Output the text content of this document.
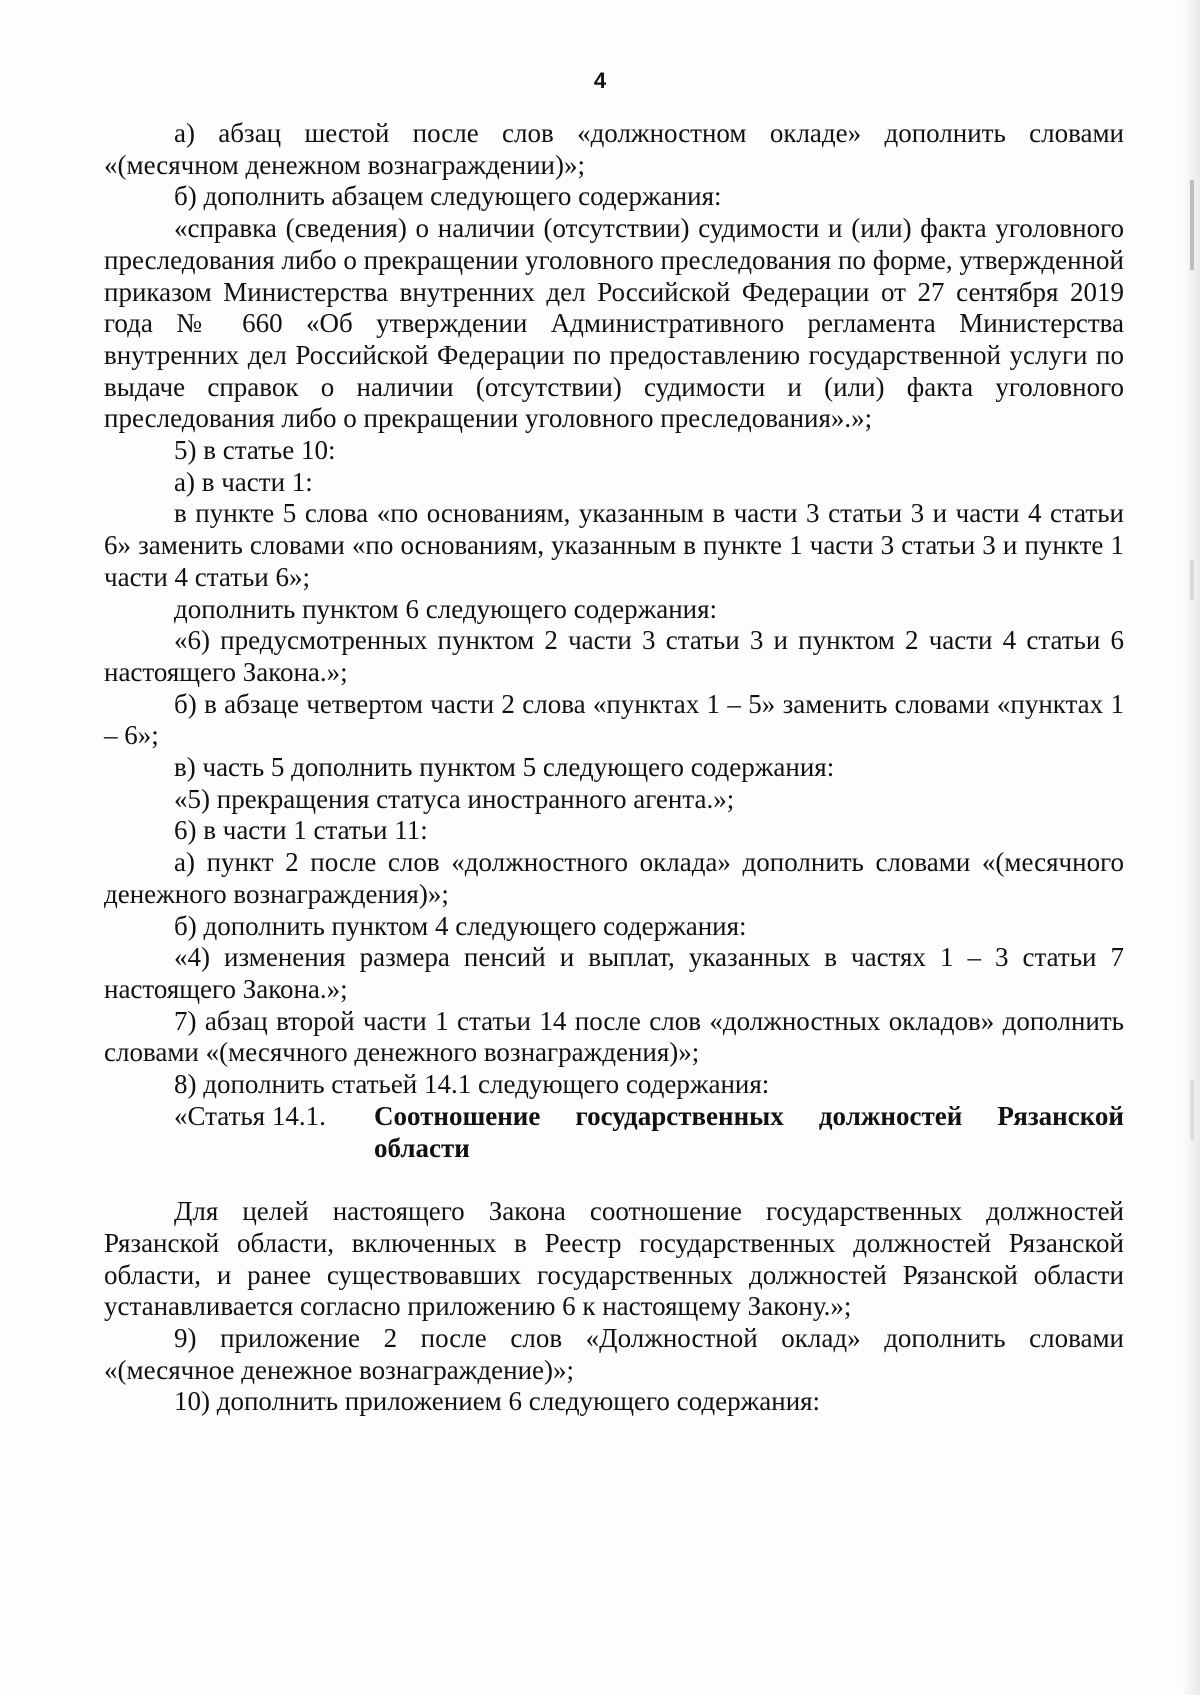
4

а) абзац шестой после слов «должностном окладе» дополнить словами «(месячном денежном вознаграждении)»;

б) дополнить абзацем следующего содержания:

«справка (сведения) о наличии (отсутствии) судимости и (или) факта уголовного преследования либо о прекращении уголовного преследования по форме, утвержденной приказом Министерства внутренних дел Российской Федерации от 27 сентября 2019 года № 660 «Об утверждении Административного регламента Министерства внутренних дел Российской Федерации по предоставлению государственной услуги по выдаче справок о наличии (отсутствии) судимости и (или) факта уголовного преследования либо о прекращении уголовного преследования».»;

5) в статье 10:

а) в части 1:

в пункте 5 слова «по основаниям, указанным в части 3 статьи 3 и части 4 статьи 6» заменить словами «по основаниям, указанным в пункте 1 части 3 статьи 3 и пункте 1 части 4 статьи 6»;

дополнить пунктом 6 следующего содержания:

«6) предусмотренных пунктом 2 части 3 статьи 3 и пунктом 2 части 4 статьи 6 настоящего Закона.»;

б) в абзаце четвертом части 2 слова «пунктах 1 – 5» заменить словами «пунктах 1 – 6»;

в) часть 5 дополнить пунктом 5 следующего содержания:

«5) прекращения статуса иностранного агента.»;

6) в части 1 статьи 11:

а) пункт 2 после слов «должностного оклада» дополнить словами «(месячного денежного вознаграждения)»;

б) дополнить пунктом 4 следующего содержания:

«4) изменения размера пенсий и выплат, указанных в частях 1 – 3 статьи 7 настоящего Закона.»;

7) абзац второй части 1 статьи 14 после слов «должностных окладов» дополнить словами «(месячного денежного вознаграждения)»;

8) дополнить статьей 14.1 следующего содержания:

«Статья 14.1.	Соотношение государственных должностей Рязанской области

Для целей настоящего Закона соотношение государственных должностей Рязанской области, включенных в Реестр государственных должностей Рязанской области, и ранее существовавших государственных должностей Рязанской области устанавливается согласно приложению 6 к настоящему Закону.»;

9) приложение 2 после слов «Должностной оклад» дополнить словами «(месячное денежное вознаграждение)»;

10) дополнить приложением 6 следующего содержания:
